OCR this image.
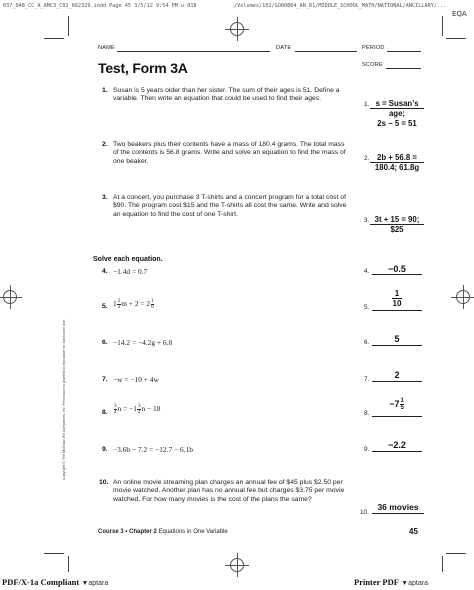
037_048_CC_A_AMC3_C02_662329.indd Page 45 3/5/12 9:54 PM u-018	/Volumes/102/GO00864_AN_R1/MIDDLE_SCHOOL_MATH/NATIONAL/ANCILLARY/...
EQA
NAME	DATE	PERIOD
Test, Form 3A	SCORE
1. Susan is 5 years older than her sister. The sum of their ages is 51. Define a variable. Then write an equation that could be used to find their ages.
1. s = Susan’s
age;
2s − 5 = 51
2. Two beakers plus their contents have a mass of 180.4 grams. The total mass of the contents is 56.8 grams. Write and solve an equation to find the mass of one beaker.	2. 2b + 56.8 =
180.4; 61.8g
3. At a concert, you purchase 3 T-shirts and a concert program for a total cost of $90. The program cost $15 and the T-shirts all cost the same. Write and solve an equation to find the cost of one T-shirt.
3. 3t + 15 = 90;
$25
Solve each equation.
4. −1.4d = 0.7	4.	−0.5
5. $1 \frac{2}{3}$ $m + 2 = 2 \frac{1}{6}$	5.	$\frac{1}{10}$
6. −14.2 = −4.2g + 6.8	6.	5
7. −w = −10 + 4w	7.	2
8. $\frac{3}{4}$ $n = -1 \frac{3}{4}$ n − 18
8.
$-7 \frac{1}{5}$
9. −3.6b − 7.2 = −12.7 − 6.1b	9.	−2.2
10. An online movie streaming plan charges an annual fee of $45 plus $2.50 per movie watched. Another plan has no annual fee but charges $3.75 per movie watched. For how many movies is the cost of the plans the same?
10.
36 movies
Copyright © The McGraw-Hill Companies, Inc. Permission is granted to reproduce for classroom use.
Course 3 • Chapter 2 Equations in One Variable	45
PDF/X-1a Compliant ▼aptara	Printer PDF ▼aptara
